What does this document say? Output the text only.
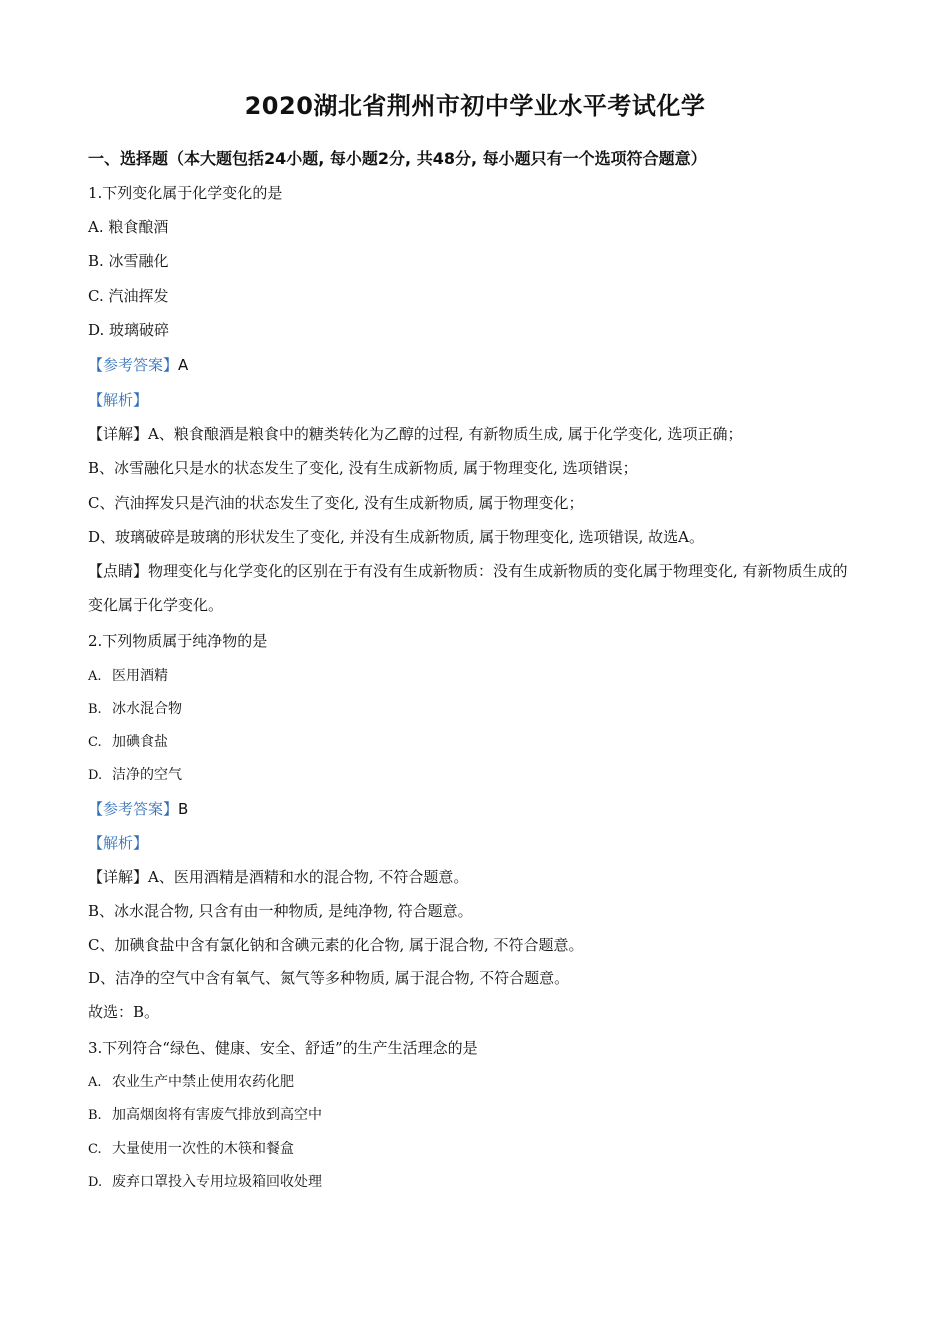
2020湖北省荆州市初中学业水平考试化学
一、选择题（本大题包括24小题, 每小题2分, 共48分, 每小题只有一个选项符合题意）
1.下列变化属于化学变化的是
A. 粮食酿酒
B. 冰雪融化
C. 汽油挥发
D. 玻璃破碎
【参考答案】A
【解析】
【详解】A、粮食酿酒是粮食中的糖类转化为乙醇的过程, 有新物质生成, 属于化学变化, 选项正确；
B、冰雪融化只是水的状态发生了变化, 没有生成新物质, 属于物理变化, 选项错误；
C、汽油挥发只是汽油的状态发生了变化, 没有生成新物质, 属于物理变化；
D、玻璃破碎是玻璃的形状发生了变化, 并没有生成新物质, 属于物理变化, 选项错误, 故选A。
【点睛】物理变化与化学变化的区别在于有没有生成新物质：没有生成新物质的变化属于物理变化, 有新物质生成的变化属于化学变化。
2.下列物质属于纯净物的是
A. 医用酒精
B. 冰水混合物
C. 加碘食盐
D. 洁净的空气
【参考答案】B
【解析】
【详解】A、医用酒精是酒精和水的混合物, 不符合题意。
B、冰水混合物, 只含有由一种物质, 是纯净物, 符合题意。
C、加碘食盐中含有氯化钠和含碘元素的化合物, 属于混合物, 不符合题意。
D、洁净的空气中含有氧气、氮气等多种物质, 属于混合物, 不符合题意。
故选：B。
3.下列符合“绿色、健康、安全、舒适”的生产生活理念的是
A. 农业生产中禁止使用农药化肥
B. 加高烟囱将有害废气排放到高空中
C. 大量使用一次性的木筷和餐盒
D. 废弃口罩投入专用垃圾箱回收处理
